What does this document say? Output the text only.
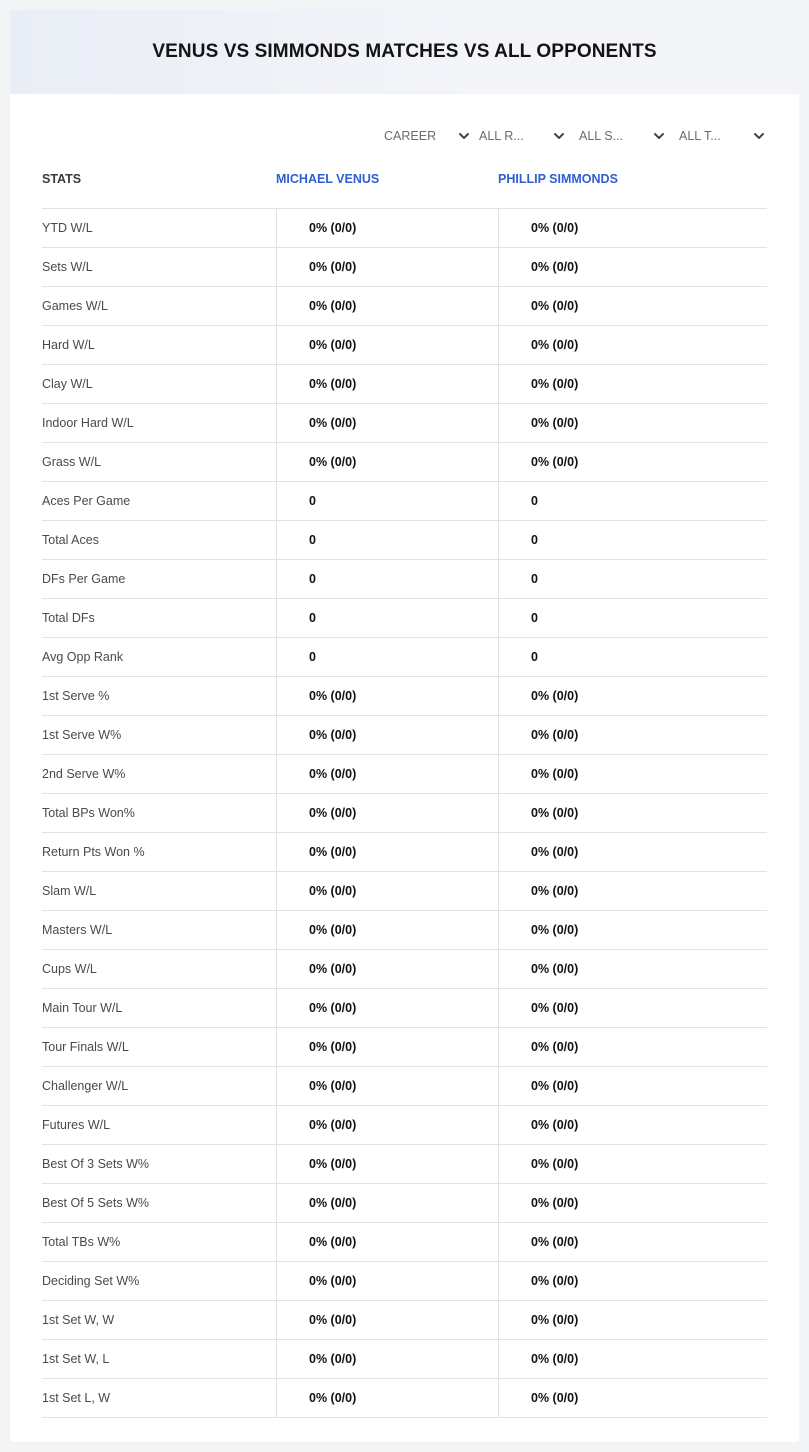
VENUS VS SIMMONDS MATCHES VS ALL OPPONENTS
CAREER	ALL R...	ALL S...	ALL T...
STATS	MICHAEL VENUS	PHILLIP SIMMONDS
YTD W/L	0% (0/0)	0% (0/0)
Sets W/L	0% (0/0)	0% (0/0)
Games W/L	0% (0/0)	0% (0/0)
Hard W/L	0% (0/0)	0% (0/0)
Clay W/L	0% (0/0)	0% (0/0)
Indoor Hard W/L	0% (0/0)	0% (0/0)
Grass W/L	0% (0/0)	0% (0/0)
Aces Per Game	0	0
Total Aces	0	0
DFs Per Game	0	0
Total DFs	0	0
Avg Opp Rank	0	0
1st Serve %	0% (0/0)	0% (0/0)
1st Serve W%	0% (0/0)	0% (0/0)
2nd Serve W%	0% (0/0)	0% (0/0)
Total BPs Won%	0% (0/0)	0% (0/0)
Return Pts Won %	0% (0/0)	0% (0/0)
Slam W/L	0% (0/0)	0% (0/0)
Masters W/L	0% (0/0)	0% (0/0)
Cups W/L	0% (0/0)	0% (0/0)
Main Tour W/L	0% (0/0)	0% (0/0)
Tour Finals W/L	0% (0/0)	0% (0/0)
Challenger W/L	0% (0/0)	0% (0/0)
Futures W/L	0% (0/0)	0% (0/0)
Best Of 3 Sets W%	0% (0/0)	0% (0/0)
Best Of 5 Sets W%	0% (0/0)	0% (0/0)
Total TBs W%	0% (0/0)	0% (0/0)
Deciding Set W%	0% (0/0)	0% (0/0)
1st Set W, W	0% (0/0)	0% (0/0)
1st Set W, L	0% (0/0)	0% (0/0)
1st Set L, W	0% (0/0)	0% (0/0)
